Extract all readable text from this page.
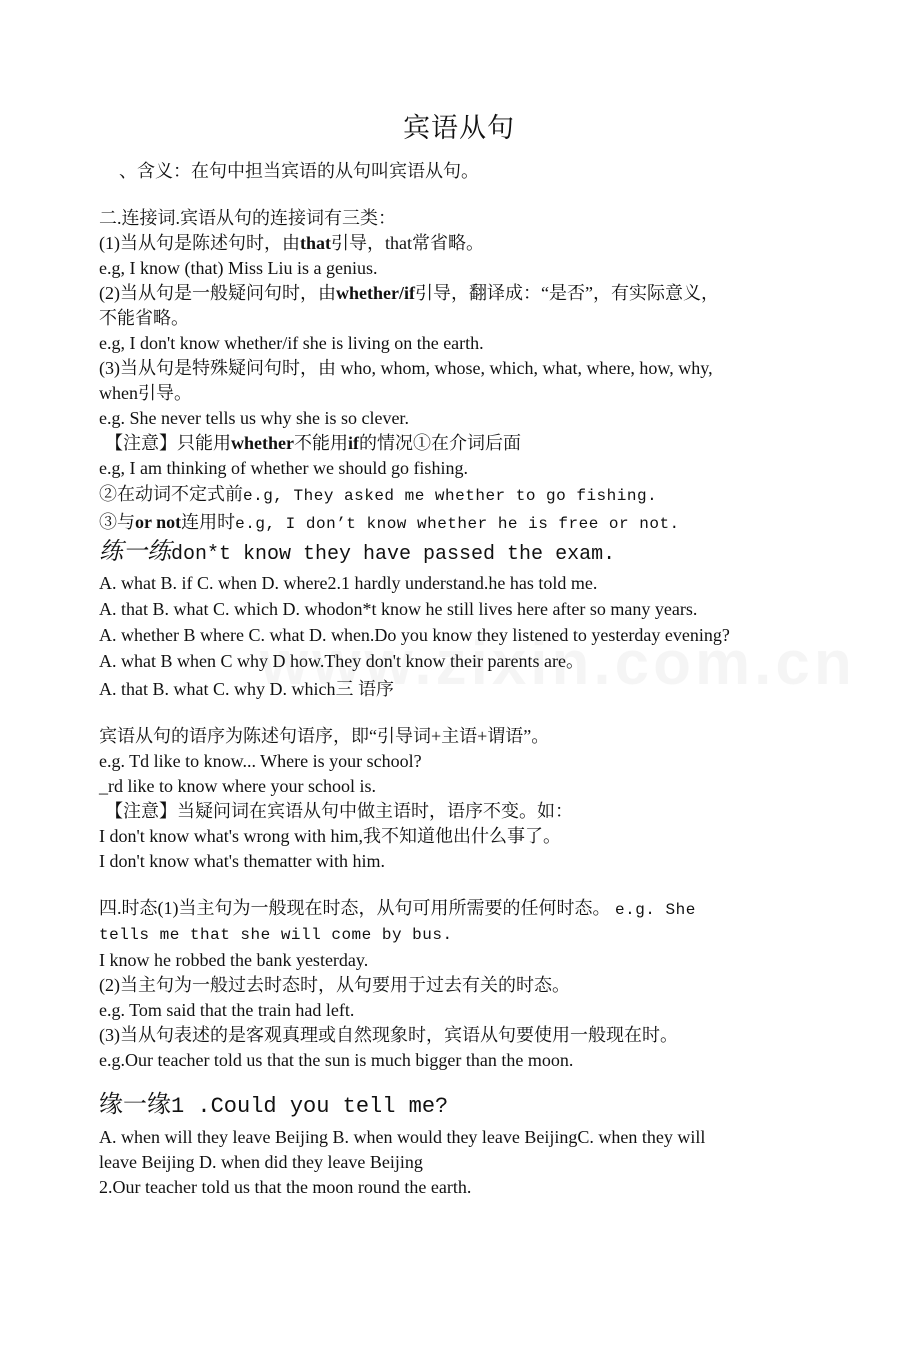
宾语从句
、含义：在句中担当宾语的从句叫宾语从句。
二.连接词.宾语从句的连接词有三类：
(1)当从句是陈述句时，由that引导，that常省略。
e.g, I know (that) Miss Liu is a genius.
(2)当从句是一般疑问句时，由whether/if引导，翻译成：“是否”，有实际意义，
不能省略。
e.g, I don't know whether/if she is living on the earth.
(3)当从句是特殊疑问句时，由 who, whom, whose, which, what, where, how, why,
when引导。
e.g. She never tells us why she is so clever.
【注意】只能用whether不能用if的情况①在介词后面
e.g, I am thinking of whether we should go fishing.
②在动词不定式前e.g, They asked me whether to go fishing.
③与or not连用时e.g, I don’t know whether he is free or not.
练一练don*t know they have passed the exam.
A. what B. if C. when D. where2.1 hardly understand.he has told me.
A. that B. what C. which D. whodon*t know he still lives here after so many years.
A. whether B where C. what D. when.Do you know they listened to yesterday evening?
A. what B when C why D how.They don't know their parents are。
A. that B. what C. why D. which三 语序
宾语从句的语序为陈述句语序，即“引导词+主语+谓语”。
e.g. Td like to know... Where is your school?
_rd like to know where your school is.
【注意】当疑问词在宾语从句中做主语时，语序不变。如：
I don't know what's wrong with him,我不知道他出什么事了。
I don't know what's thematter with him.
四.时态(1)当主句为一般现在时态，从句可用所需要的任何时态。 e.g. She
tells me that she will come by bus.
I know he robbed the bank yesterday.
(2)当主句为一般过去时态时，从句要用于过去有关的时态。
e.g. Tom said that the train had left.
(3)当从句表述的是客观真理或自然现象时，宾语从句要使用一般现在时。
e.g.Our teacher told us that the sun is much bigger than the moon.
缘一缘1 .Could you tell me?
A. when will they leave Beijing B. when would they leave BeijingC. when they will
leave Beijing D. when did they leave Beijing
2.Our teacher told us that the moon round the earth.
